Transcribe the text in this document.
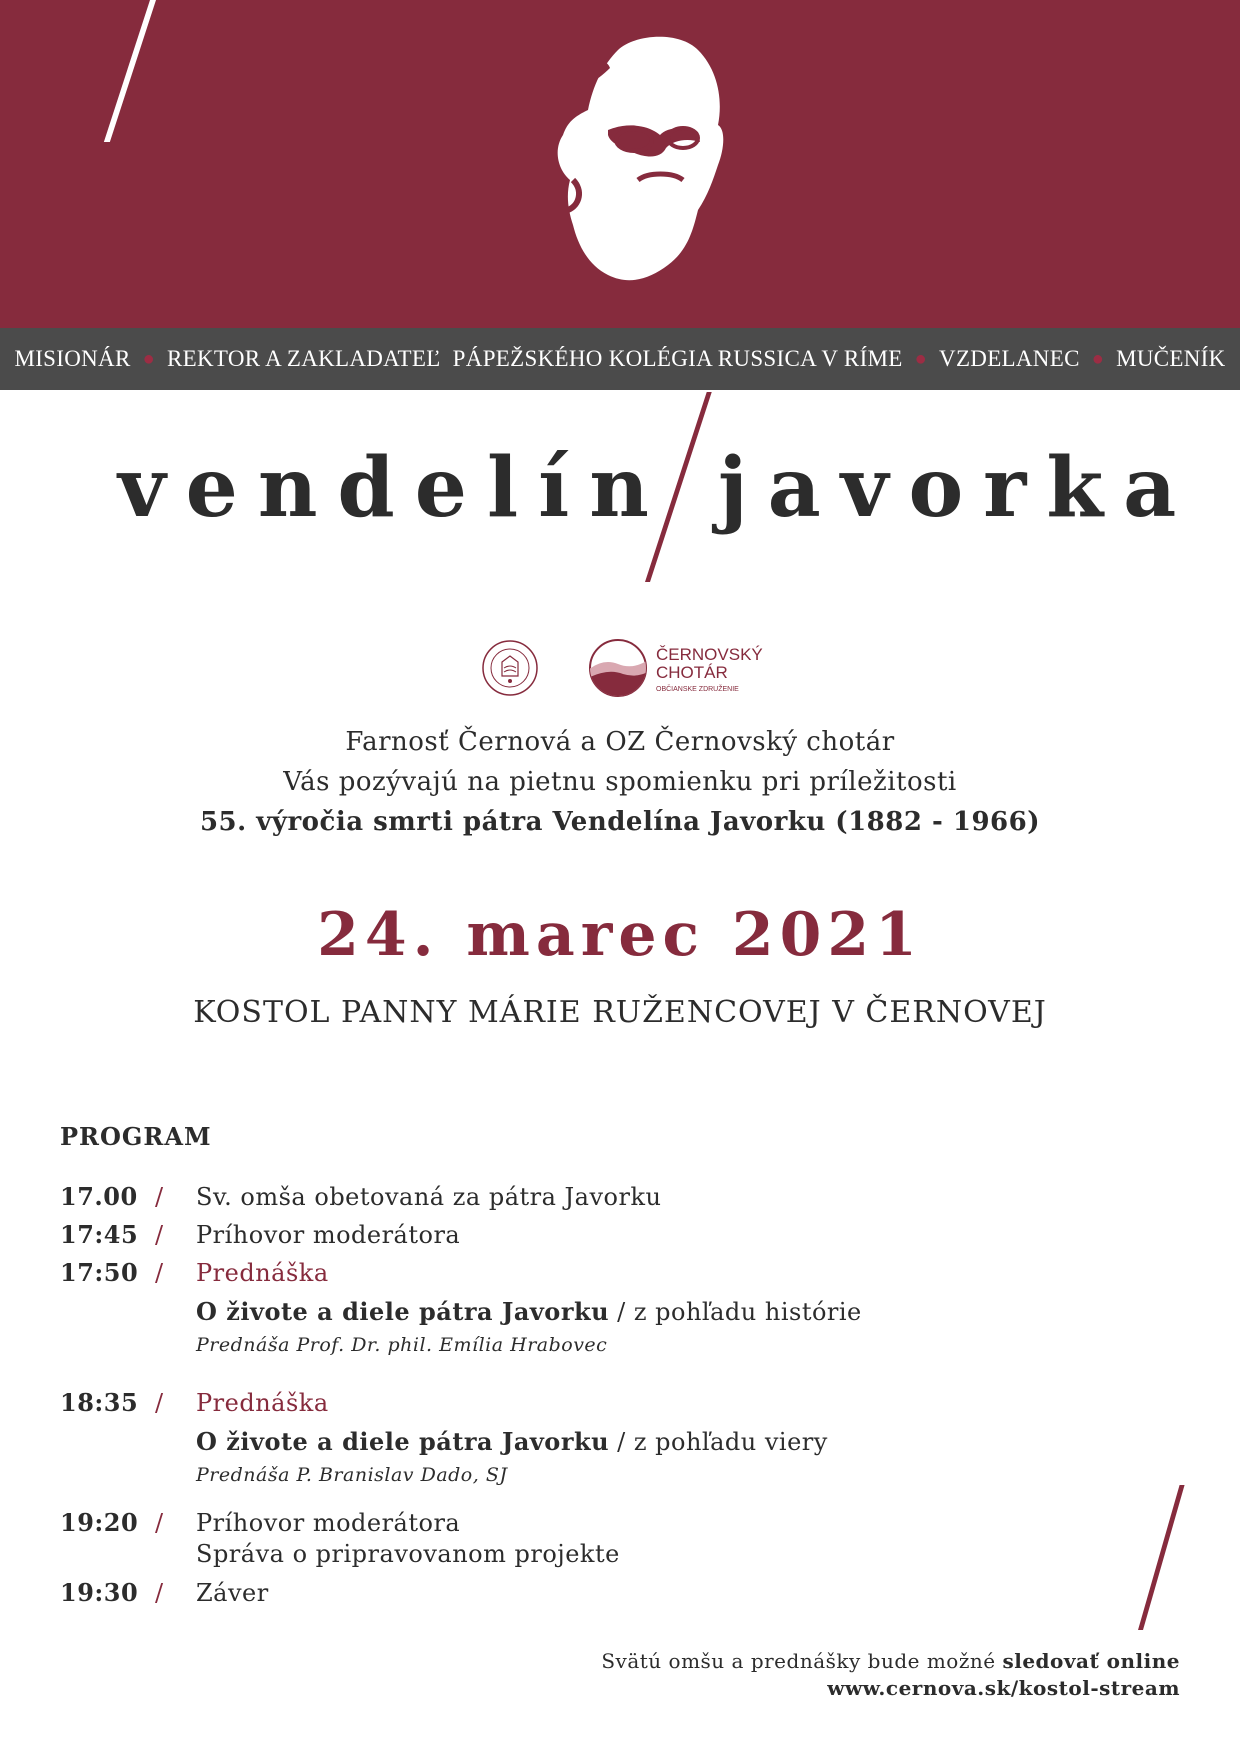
MISIONÁR ● REKTOR A ZAKLADATEĽ  PÁPEŽSKÉHO KOLÉGIA RUSSICA V RÍME ● VZDELANEC ● MUČENÍK
vendelín javorka
ČERNOVSKÝ
CHOTÁR
OBČIANSKE ZDRUŽENIE
Farnosť Černová a OZ Černovský chotár
Vás pozývajú na pietnu spomienku pri príležitosti
55. výročia smrti pátra Vendelína Javorku (1882 - 1966)
24. marec 2021
KOSTOL PANNY MÁRIE RUŽENCOVEJ V ČERNOVEJ
PROGRAM
17.00 / Sv. omša obetovaná za pátra Javorku
17:45 / Príhovor moderátora
17:50 / Prednáška
O živote a diele pátra Javorku / z pohľadu histórie
Prednáša Prof. Dr. phil. Emília Hrabovec
18:35 / Prednáška
O živote a diele pátra Javorku / z pohľadu viery
Prednáša P. Branislav Dado, SJ
19:20 / Príhovor moderátora
Správa o pripravovanom projekte
19:30 / Záver
Svätú omšu a prednášky bude možné sledovať online
www.cernova.sk/kostol-stream
